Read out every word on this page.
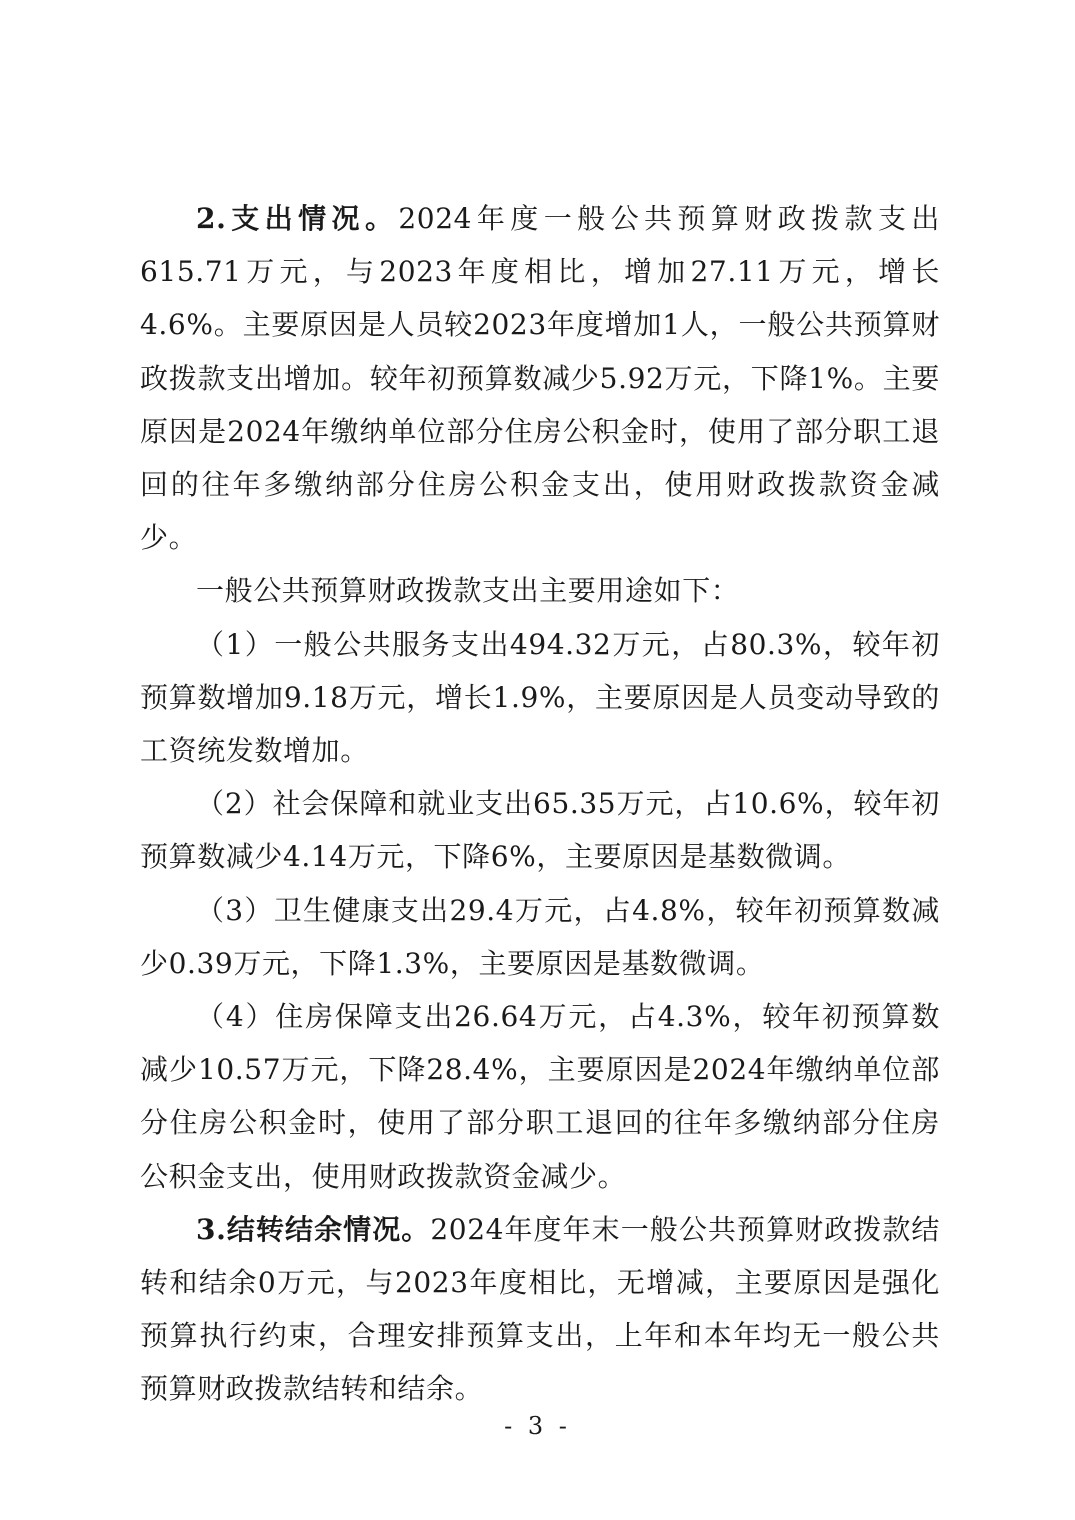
2.支出情况。2024年度一般公共预算财政拨款支出615.71万元，与2023年度相比，增加27.11万元，增长4.6%。主要原因是人员较2023年度增加1人，一般公共预算财政拨款支出增加。较年初预算数减少5.92万元，下降1%。主要原因是2024年缴纳单位部分住房公积金时，使用了部分职工退回的往年多缴纳部分住房公积金支出，使用财政拨款资金减少。

一般公共预算财政拨款支出主要用途如下：

（1）一般公共服务支出494.32万元，占80.3%，较年初预算数增加9.18万元，增长1.9%，主要原因是人员变动导致的工资统发数增加。

（2）社会保障和就业支出65.35万元，占10.6%，较年初预算数减少4.14万元，下降6%，主要原因是基数微调。

（3）卫生健康支出29.4万元，占4.8%，较年初预算数减少0.39万元，下降1.3%，主要原因是基数微调。

（4）住房保障支出26.64万元，占4.3%，较年初预算数减少10.57万元，下降28.4%，主要原因是2024年缴纳单位部分住房公积金时，使用了部分职工退回的往年多缴纳部分住房公积金支出，使用财政拨款资金减少。

3.结转结余情况。2024年度年末一般公共预算财政拨款结转和结余0万元，与2023年度相比，无增减，主要原因是强化预算执行约束，合理安排预算支出，上年和本年均无一般公共预算财政拨款结转和结余。

- 3 -
